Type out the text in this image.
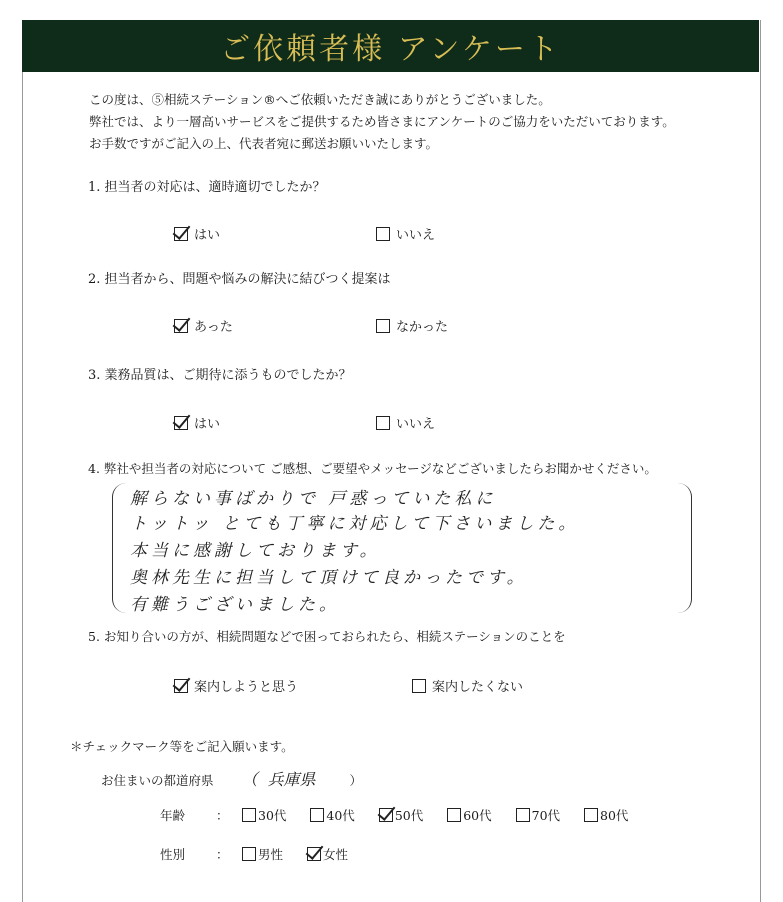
ご依頼者様 アンケート
この度は、⑤相続ステーション®へご依頼いただき誠にありがとうございました。
弊社では、より一層高いサービスをご提供するため皆さまにアンケートのご協力をいただいております。
お手数ですがご記入の上、代表者宛に郵送お願いいたします。
1. 担当者の対応は、適時適切でしたか？
はい	いいえ
2. 担当者から、問題や悩みの解決に結びつく提案は
あった	なかった
3. 業務品質は、ご期待に添うものでしたか？
はい	いいえ
4. 弊社や担当者の対応について ご感想、ご要望やメッセージなどございましたらお聞かせください。
解らない事ばかりで 戸惑っていた私に
トットッ とても丁寧に対応して下さいました。
本当に感謝しております。
奥林先生に担当して頂けて良かったです。
有難うございました。
5. お知り合いの方が、相続問題などで困っておられたら、相続ステーションのことを
案内しようと思う	案内したくない
＊チェックマーク等をご記入願います。
お住まいの都道府県 （ 兵庫県	）
年齢	：	30代	40代	50代	60代	70代	80代
性別	：	男性	女性
